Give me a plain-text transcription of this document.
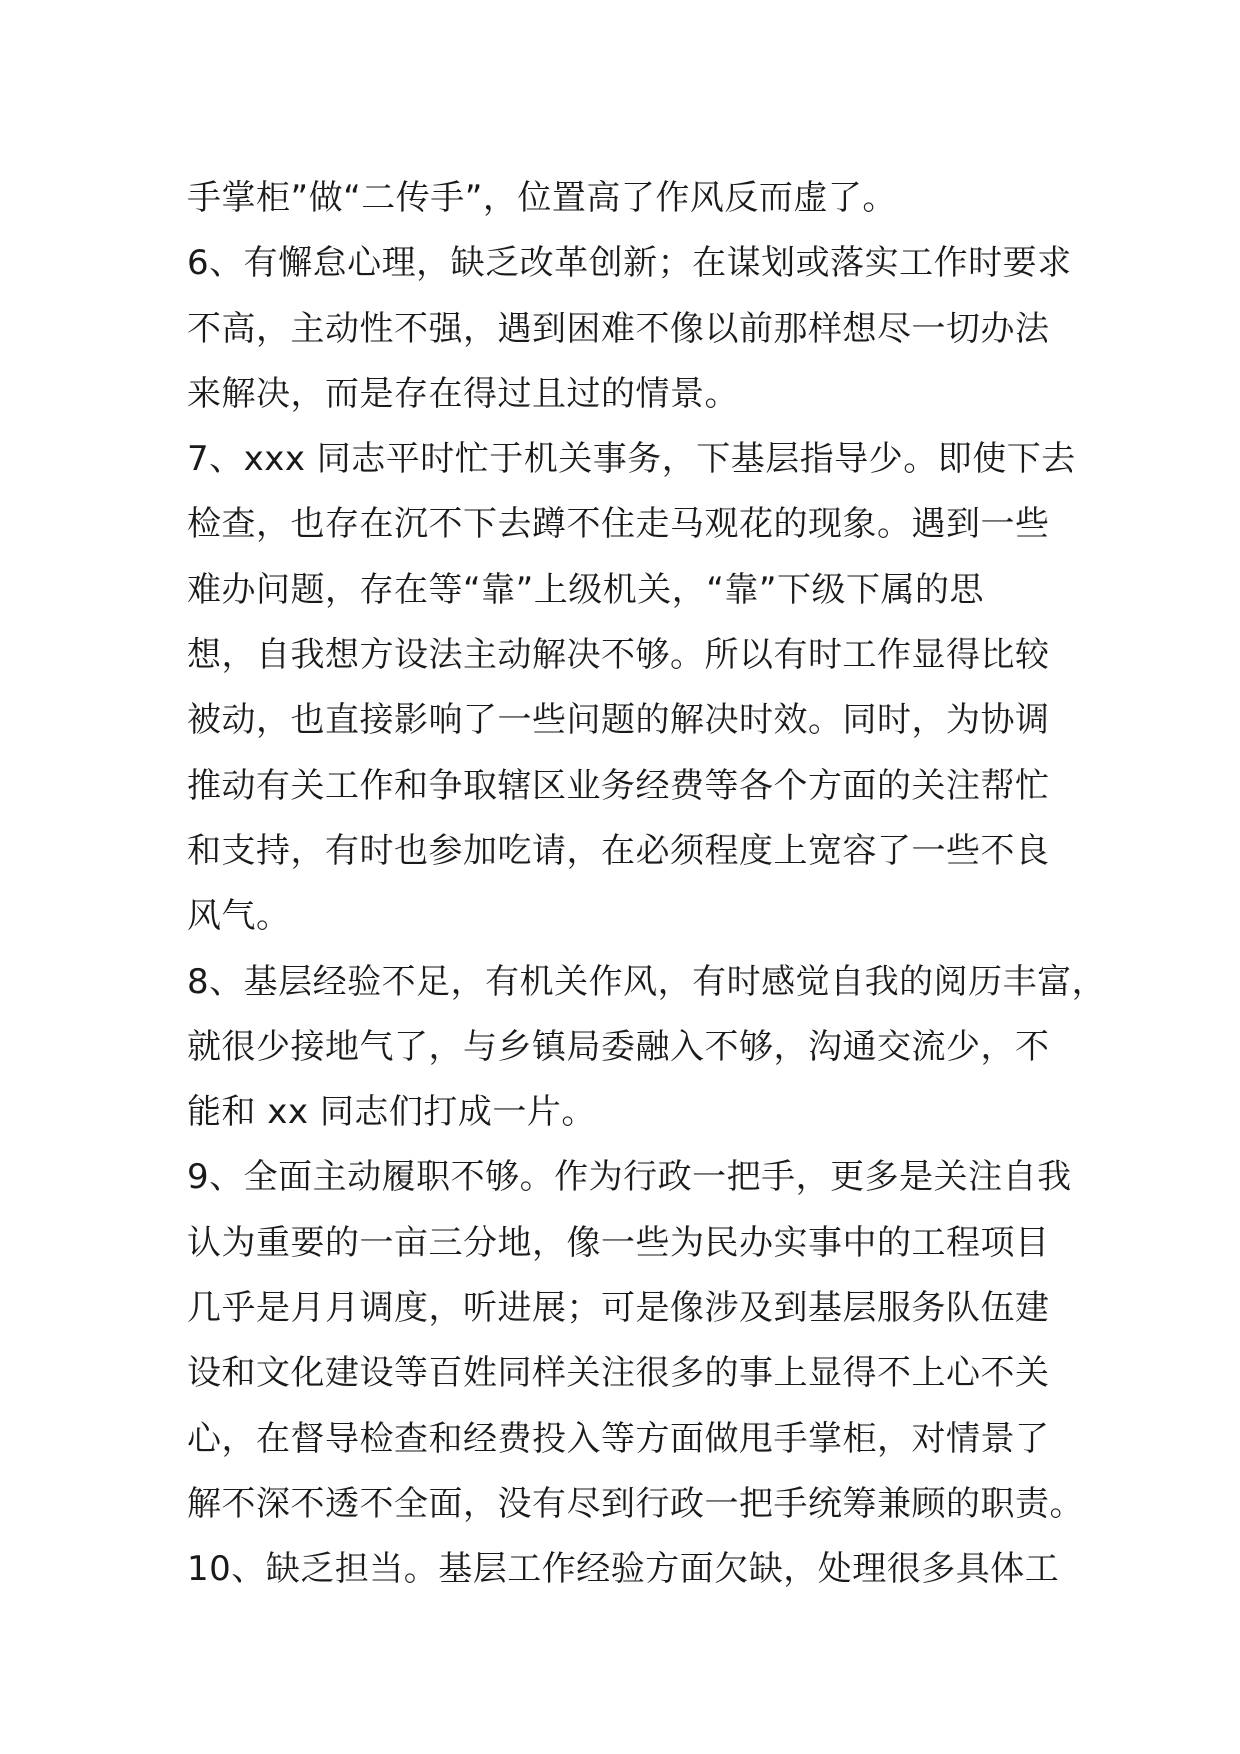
手掌柜”做“二传手”，位置高了作风反而虚了。
6、有懈怠心理，缺乏改革创新；在谋划或落实工作时要求
不高，主动性不强，遇到困难不像以前那样想尽一切办法
来解决，而是存在得过且过的情景。
7、xxx 同志平时忙于机关事务，下基层指导少。即使下去
检查，也存在沉不下去蹲不住走马观花的现象。遇到一些
难办问题，存在等“靠”上级机关，“靠”下级下属的思
想，自我想方设法主动解决不够。所以有时工作显得比较
被动，也直接影响了一些问题的解决时效。同时，为协调
推动有关工作和争取辖区业务经费等各个方面的关注帮忙
和支持，有时也参加吃请，在必须程度上宽容了一些不良
风气。
8、基层经验不足，有机关作风，有时感觉自我的阅历丰富，
就很少接地气了，与乡镇局委融入不够，沟通交流少，不
能和 xx 同志们打成一片。
9、全面主动履职不够。作为行政一把手，更多是关注自我
认为重要的一亩三分地，像一些为民办实事中的工程项目
几乎是月月调度，听进展；可是像涉及到基层服务队伍建
设和文化建设等百姓同样关注很多的事上显得不上心不关
心，在督导检查和经费投入等方面做甩手掌柜，对情景了
解不深不透不全面，没有尽到行政一把手统筹兼顾的职责。
10、缺乏担当。基层工作经验方面欠缺，处理很多具体工
